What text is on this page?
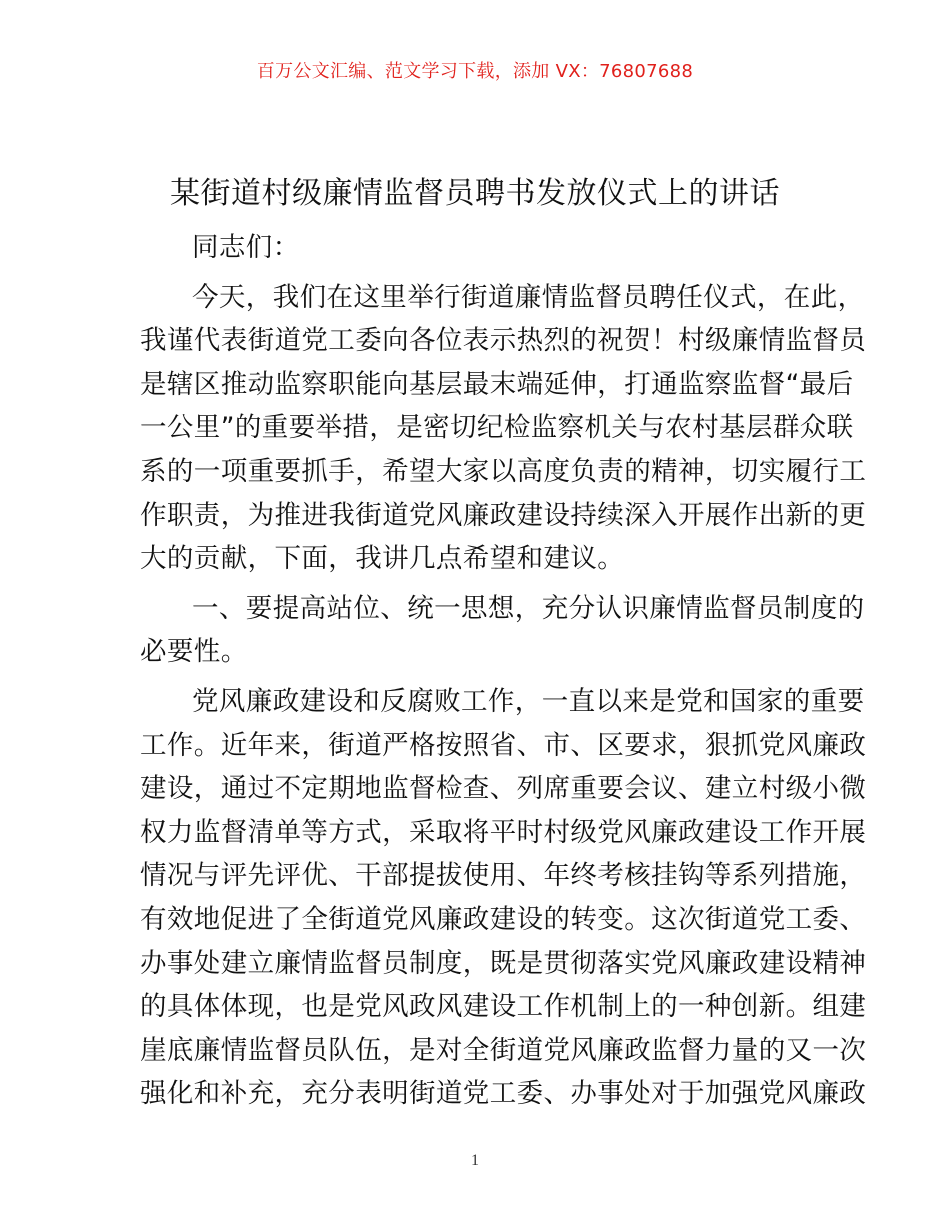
百万公文汇编、范文学习下载，添加 VX：76807688
某街道村级廉情监督员聘书发放仪式上的讲话
同志们：
今天，我们在这里举行街道廉情监督员聘任仪式，在此，
我谨代表街道党工委向各位表示热烈的祝贺！村级廉情监督员
是辖区推动监察职能向基层最末端延伸，打通监察监督“最后
一公里”的重要举措，是密切纪检监察机关与农村基层群众联
系的一项重要抓手，希望大家以高度负责的精神，切实履行工
作职责，为推进我街道党风廉政建设持续深入开展作出新的更
大的贡献，下面，我讲几点希望和建议。
一、要提高站位、统一思想，充分认识廉情监督员制度的
必要性。
党风廉政建设和反腐败工作，一直以来是党和国家的重要
工作。近年来，街道严格按照省、市、区要求，狠抓党风廉政
建设，通过不定期地监督检查、列席重要会议、建立村级小微
权力监督清单等方式，采取将平时村级党风廉政建设工作开展
情况与评先评优、干部提拔使用、年终考核挂钩等系列措施，
有效地促进了全街道党风廉政建设的转变。这次街道党工委、
办事处建立廉情监督员制度，既是贯彻落实党风廉政建设精神
的具体体现，也是党风政风建设工作机制上的一种创新。组建
崖底廉情监督员队伍，是对全街道党风廉政监督力量的又一次
强化和补充，充分表明街道党工委、办事处对于加强党风廉政
1
